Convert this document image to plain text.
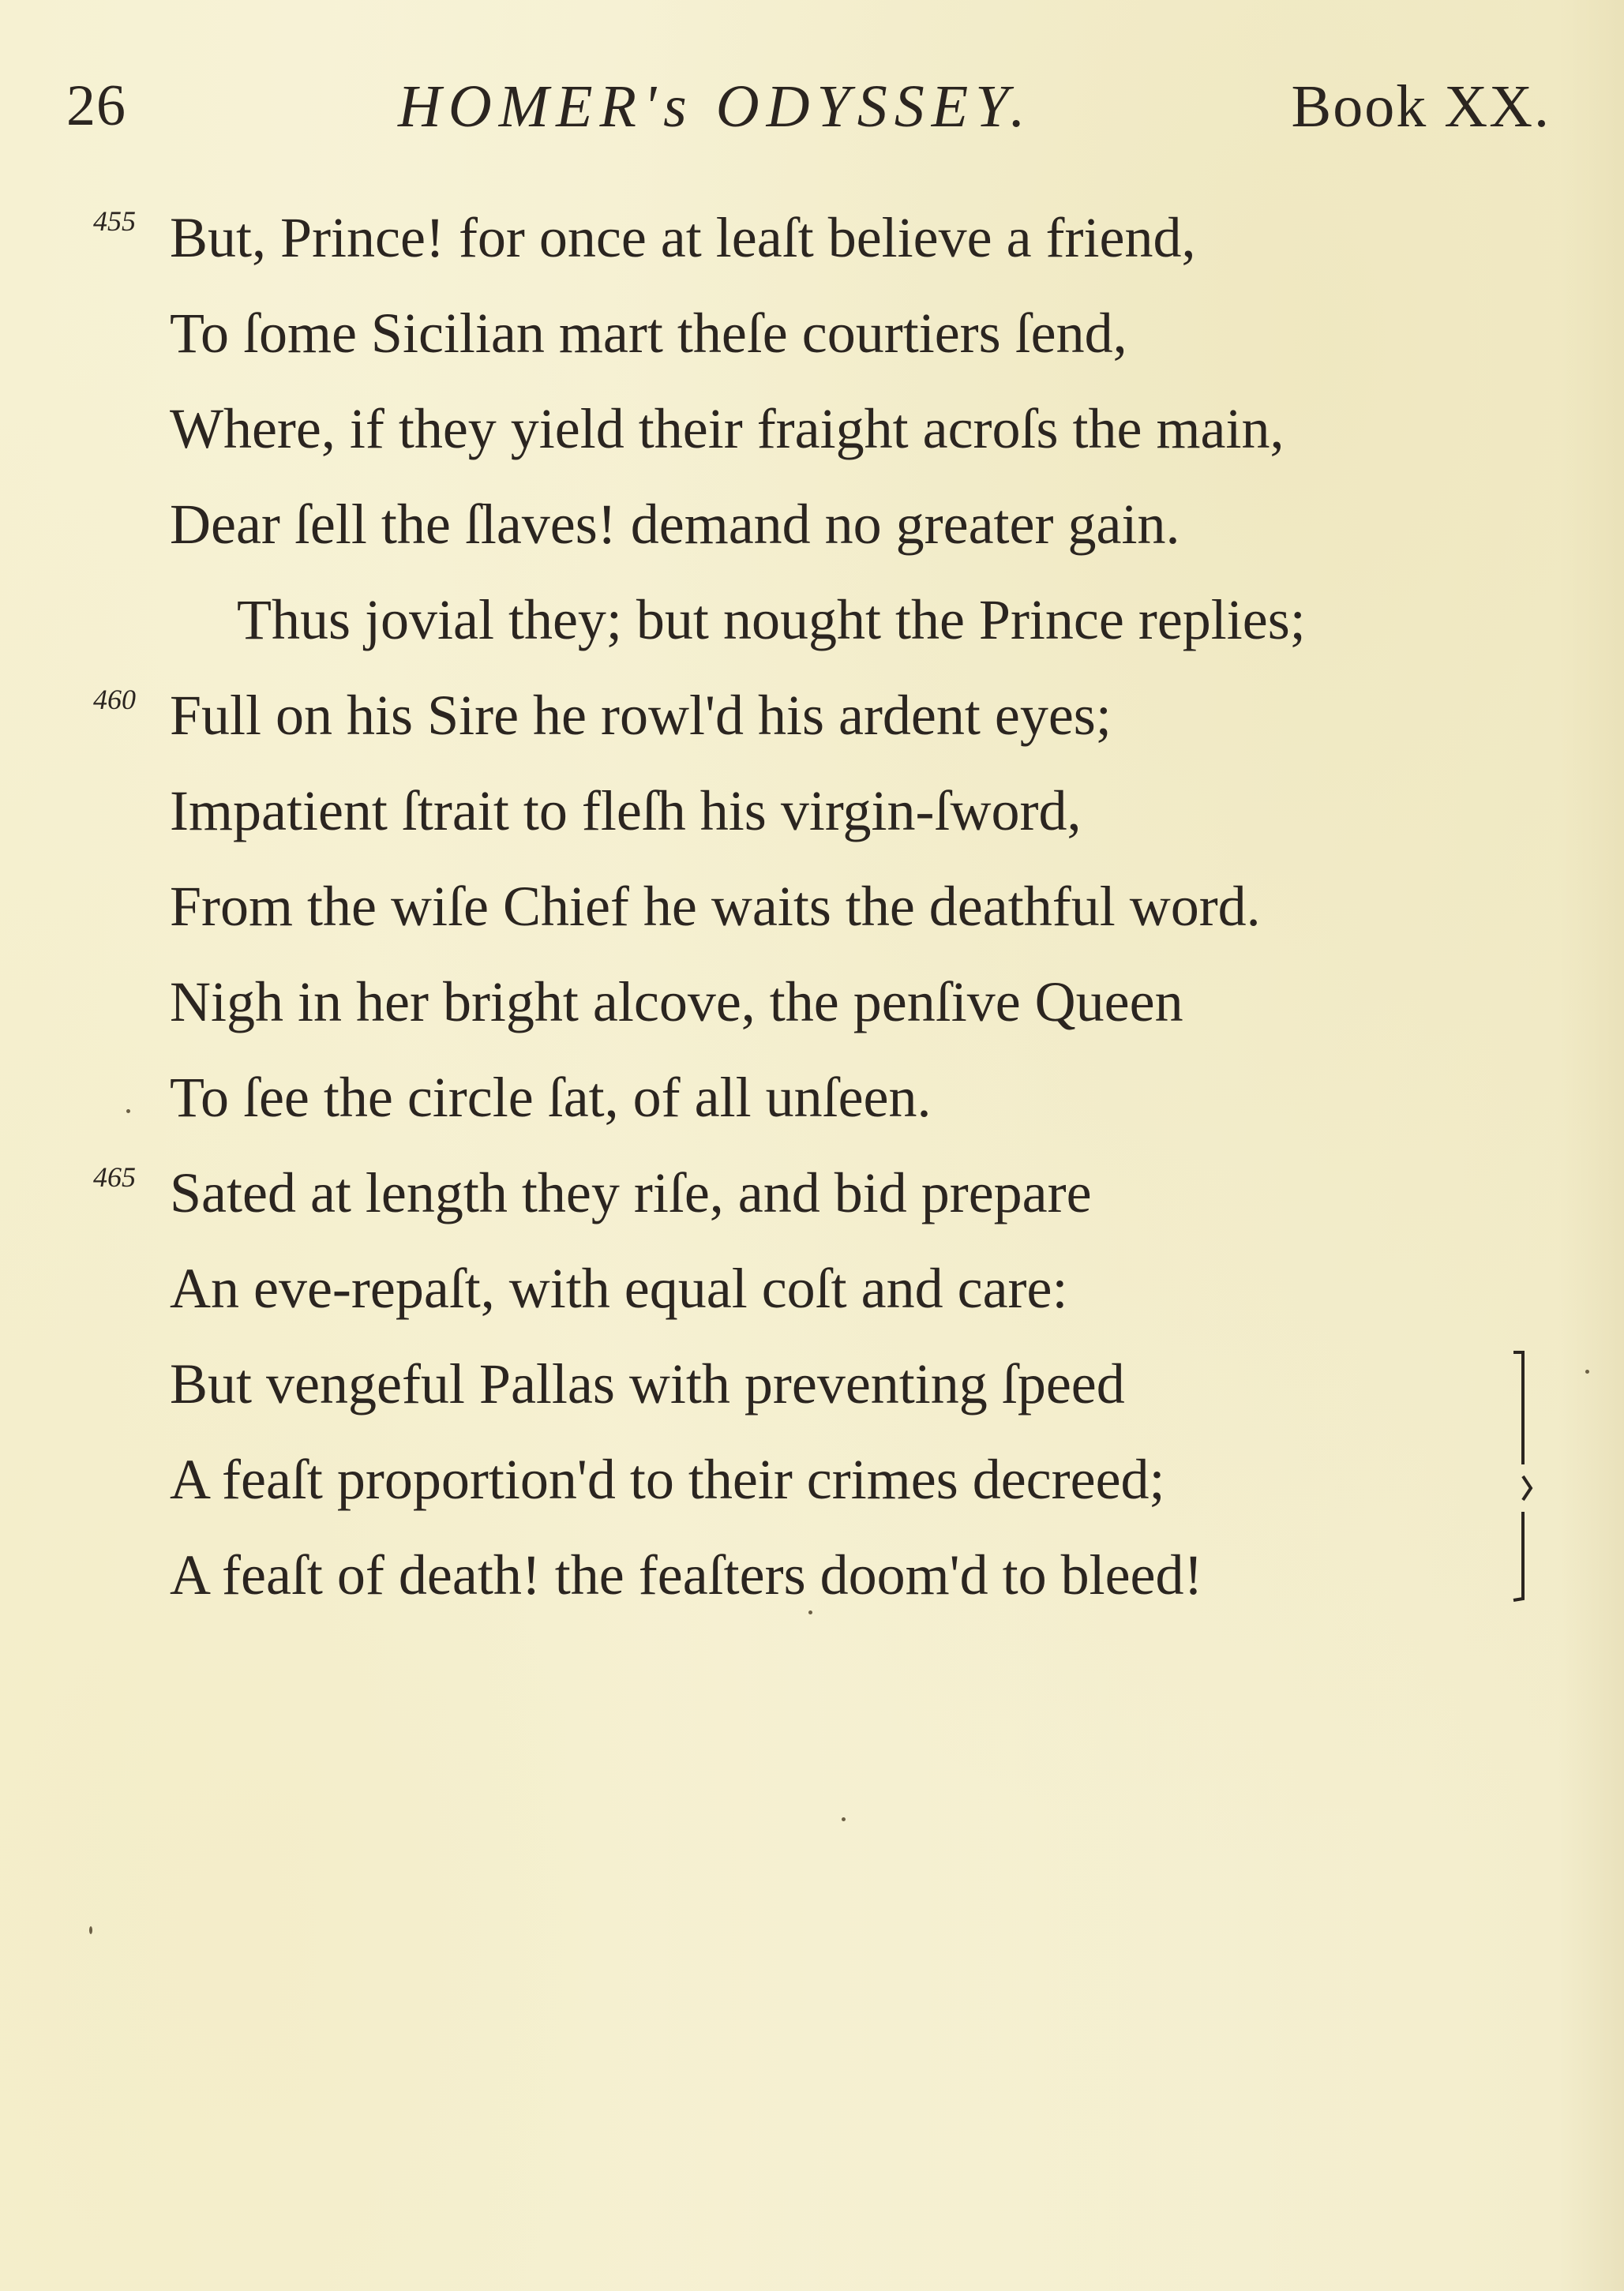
26	HOMER's ODYSSEY.	Book XX.
455 But, Prince! for once at leaſt believe a friend,
To ſome Sicilian mart theſe courtiers ſend,
Where, if they yield their fraight acroſs the main,
Dear ſell the ſlaves! demand no greater gain.
Thus jovial they; but nought the Prince replies;
460 Full on his Sire he rowl'd his ardent eyes;
Impatient ſtrait to fleſh his virgin-ſword,
From the wiſe Chief he waits the deathful word.
Nigh in her bright alcove, the penſive Queen
To ſee the circle ſat, of all unſeen.
465 Sated at length they riſe, and bid prepare
An eve-repaſt, with equal coſt and care:
But vengeful Pallas with preventing ſpeed
A feaſt proportion'd to their crimes decreed;
A feaſt of death! the feaſters doom'd to bleed!
